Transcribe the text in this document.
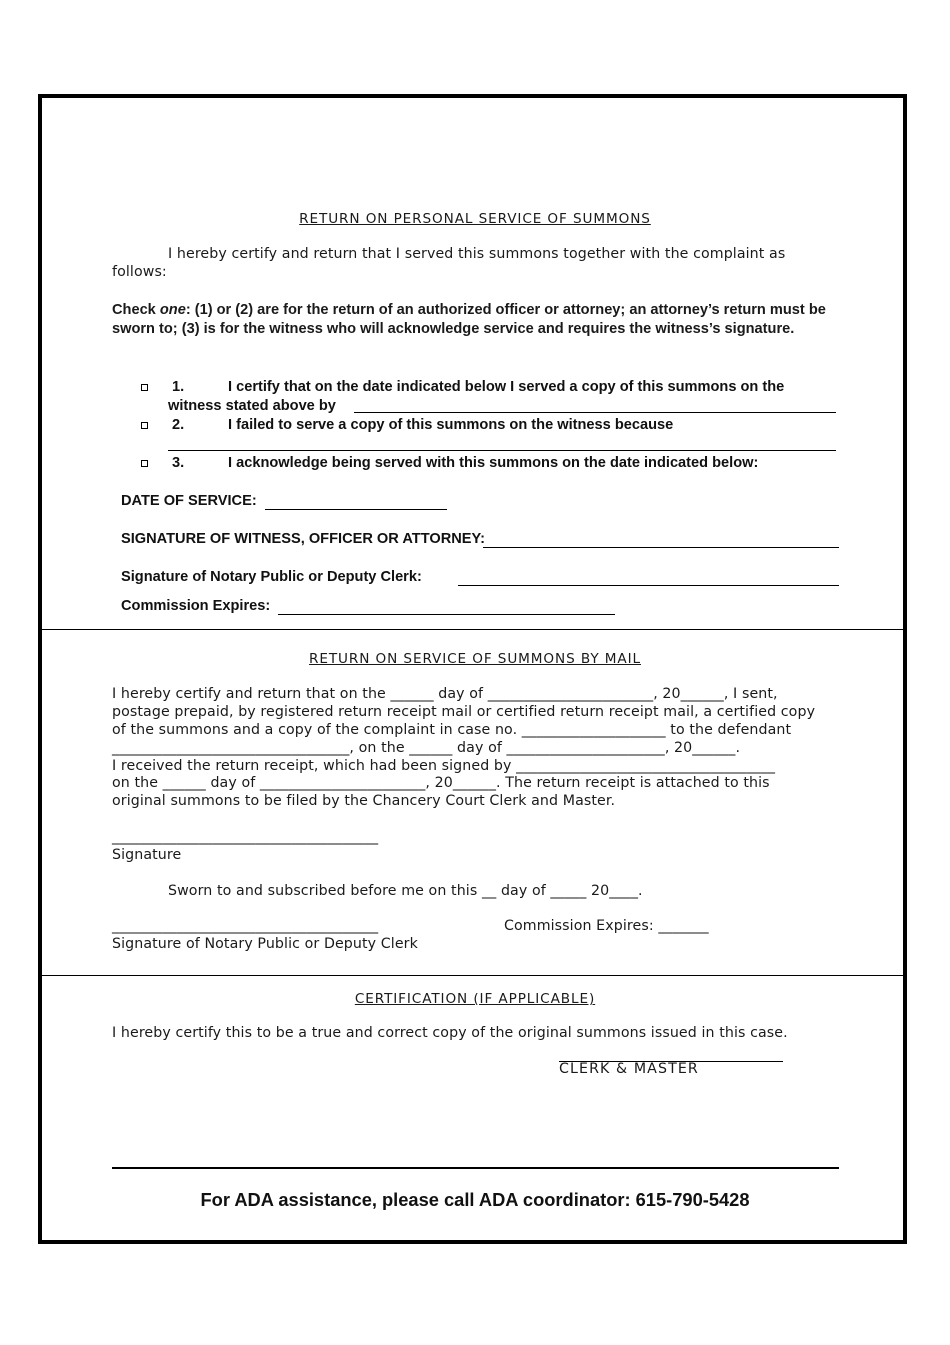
RETURN ON PERSONAL SERVICE OF SUMMONS
I hereby certify and return that I served this summons together with the complaint as
follows:
Check one: (1) or (2) are for the return of an authorized officer or attorney; an attorney’s return must be sworn to; (3) is for the witness who will acknowledge service and requires the witness’s signature.
1.	I certify that on the date indicated below I served a copy of this summons on the
witness stated above by
2.	I failed to serve a copy of this summons on the witness because
3.	I acknowledge being served with this summons on the date indicated below:
DATE OF SERVICE:
SIGNATURE OF WITNESS, OFFICER OR ATTORNEY:
Signature of Notary Public or Deputy Clerk:
Commission Expires:
RETURN ON SERVICE OF SUMMONS BY MAIL
I hereby certify and return that on the ______ day of _______________________, 20______, I sent,
postage prepaid, by registered return receipt mail or certified return receipt mail, a certified copy
of the summons and a copy of the complaint in case no. ____________________ to the defendant
_________________________________, on the ______ day of ______________________, 20______.
I received the return receipt, which had been signed by ____________________________________
on the ______ day of _______________________, 20______. The return receipt is attached to this
original summons to be filed by the Chancery Court Clerk and Master.
_____________________________________
Signature
Sworn to and subscribed before me on this __ day of _____ 20____.
_____________________________________	Commission Expires: _______
Signature of Notary Public or Deputy Clerk
CERTIFICATION (IF APPLICABLE)
I hereby certify this to be a true and correct copy of the original summons issued in this case.
CLERK & MASTER
For ADA assistance, please call ADA coordinator: 615-790-5428
